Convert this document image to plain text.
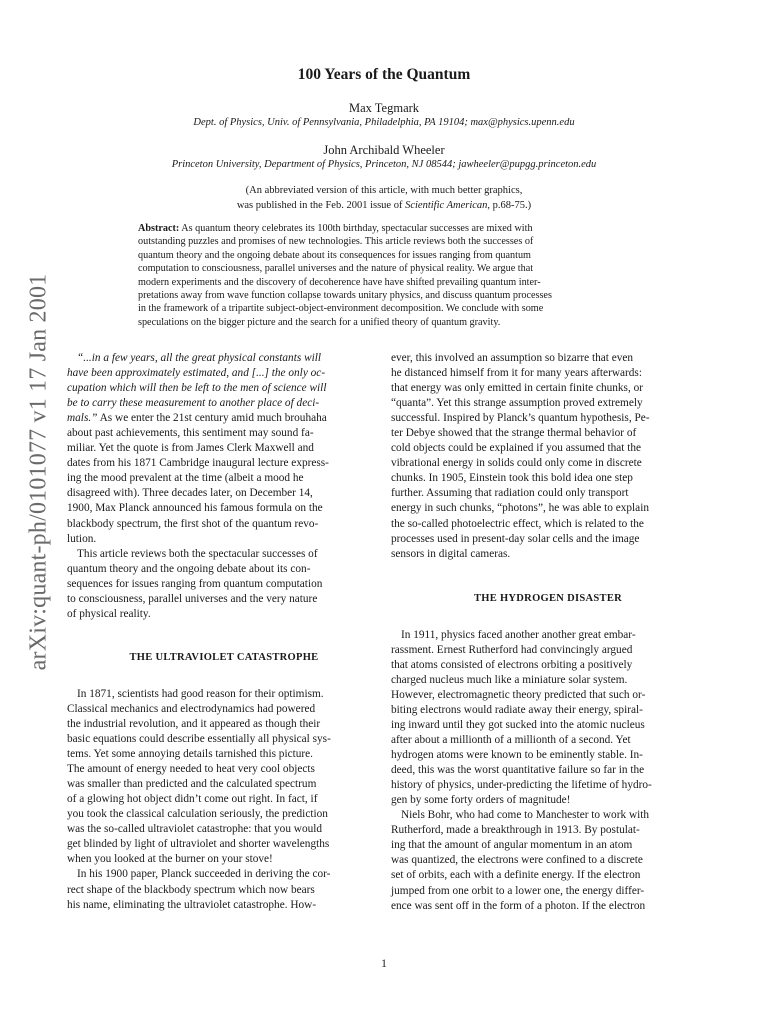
arXiv:quant-ph/0101077 v1 17 Jan 2001
100 Years of the Quantum
Max Tegmark
Dept. of Physics, Univ. of Pennsylvania, Philadelphia, PA 19104; max@physics.upenn.edu
John Archibald Wheeler
Princeton University, Department of Physics, Princeton, NJ 08544; jawheeler@pupgg.princeton.edu
(An abbreviated version of this article, with much better graphics,
was published in the Feb. 2001 issue of Scientific American, p.68-75.)
Abstract: As quantum theory celebrates its 100th birthday, spectacular successes are mixed with
outstanding puzzles and promises of new technologies. This article reviews both the successes of
quantum theory and the ongoing debate about its consequences for issues ranging from quantum
computation to consciousness, parallel universes and the nature of physical reality. We argue that
modern experiments and the discovery of decoherence have have shifted prevailing quantum inter-
pretations away from wave function collapse towards unitary physics, and discuss quantum processes
in the framework of a tripartite subject-object-environment decomposition. We conclude with some
speculations on the bigger picture and the search for a unified theory of quantum gravity.

“...in a few years, all the great physical constants will
have been approximately estimated, and [...] the only oc-
cupation which will then be left to the men of science will
be to carry these measurement to another place of deci-
mals.” As we enter the 21st century amid much brouhaha
about past achievements, this sentiment may sound fa-
miliar. Yet the quote is from James Clerk Maxwell and
dates from his 1871 Cambridge inaugural lecture express-
ing the mood prevalent at the time (albeit a mood he
disagreed with). Three decades later, on December 14,
1900, Max Planck announced his famous formula on the
blackbody spectrum, the first shot of the quantum revo-
lution.

This article reviews both the spectacular successes of
quantum theory and the ongoing debate about its con-
sequences for issues ranging from quantum computation
to consciousness, parallel universes and the very nature
of physical reality.

THE ULTRAVIOLET CATASTROPHE

In 1871, scientists had good reason for their optimism.
Classical mechanics and electrodynamics had powered
the industrial revolution, and it appeared as though their
basic equations could describe essentially all physical sys-
tems. Yet some annoying details tarnished this picture.
The amount of energy needed to heat very cool objects
was smaller than predicted and the calculated spectrum
of a glowing hot object didn’t come out right. In fact, if
you took the classical calculation seriously, the prediction
was the so-called ultraviolet catastrophe: that you would
get blinded by light of ultraviolet and shorter wavelengths
when you looked at the burner on your stove!

In his 1900 paper, Planck succeeded in deriving the cor-
rect shape of the blackbody spectrum which now bears
his name, eliminating the ultraviolet catastrophe. How-

ever, this involved an assumption so bizarre that even
he distanced himself from it for many years afterwards:
that energy was only emitted in certain finite chunks, or
“quanta”. Yet this strange assumption proved extremely
successful. Inspired by Planck’s quantum hypothesis, Pe-
ter Debye showed that the strange thermal behavior of
cold objects could be explained if you assumed that the
vibrational energy in solids could only come in discrete
chunks. In 1905, Einstein took this bold idea one step
further. Assuming that radiation could only transport
energy in such chunks, “photons”, he was able to explain
the so-called photoelectric effect, which is related to the
processes used in present-day solar cells and the image
sensors in digital cameras.

THE HYDROGEN DISASTER

In 1911, physics faced another another great embar-
rassment. Ernest Rutherford had convincingly argued
that atoms consisted of electrons orbiting a positively
charged nucleus much like a miniature solar system.
However, electromagnetic theory predicted that such or-
biting electrons would radiate away their energy, spiral-
ing inward until they got sucked into the atomic nucleus
after about a millionth of a millionth of a second. Yet
hydrogen atoms were known to be eminently stable. In-
deed, this was the worst quantitative failure so far in the
history of physics, under-predicting the lifetime of hydro-
gen by some forty orders of magnitude!

Niels Bohr, who had come to Manchester to work with
Rutherford, made a breakthrough in 1913. By postulat-
ing that the amount of angular momentum in an atom
was quantized, the electrons were confined to a discrete
set of orbits, each with a definite energy. If the electron
jumped from one orbit to a lower one, the energy differ-
ence was sent off in the form of a photon. If the electron

1
